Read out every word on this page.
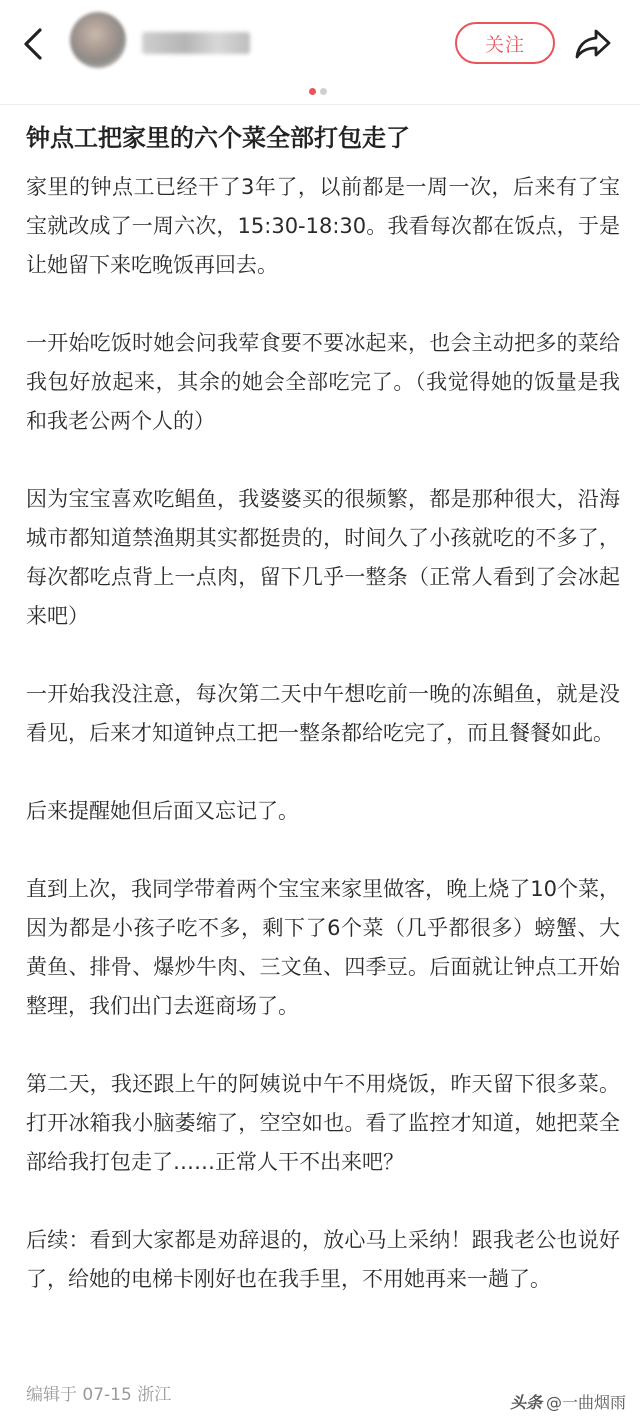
关注
钟点工把家里的六个菜全部打包走了

家里的钟点工已经干了3年了，以前都是一周一次，后来有了宝宝就改成了一周六次，15:30-18:30。我看每次都在饭点，于是让她留下来吃晚饭再回去。

一开始吃饭时她会问我荤食要不要冰起来，也会主动把多的菜给我包好放起来，其余的她会全部吃完了。（我觉得她的饭量是我和我老公两个人的）

因为宝宝喜欢吃鲳鱼，我婆婆买的很频繁，都是那种很大，沿海城市都知道禁渔期其实都挺贵的，时间久了小孩就吃的不多了，每次都吃点背上一点肉，留下几乎一整条（正常人看到了会冰起来吧）

一开始我没注意，每次第二天中午想吃前一晚的冻鲳鱼，就是没看见，后来才知道钟点工把一整条都给吃完了，而且餐餐如此。

后来提醒她但后面又忘记了。

直到上次，我同学带着两个宝宝来家里做客，晚上烧了10个菜，因为都是小孩子吃不多，剩下了6个菜（几乎都很多）螃蟹、大黄鱼、排骨、爆炒牛肉、三文鱼、四季豆。后面就让钟点工开始整理，我们出门去逛商场了。

第二天，我还跟上午的阿姨说中午不用烧饭，昨天留下很多菜。打开冰箱我小脑萎缩了，空空如也。看了监控才知道，她把菜全部给我打包走了……正常人干不出来吧？

后续：看到大家都是劝辞退的，放心马上采纳！跟我老公也说好了，给她的电梯卡刚好也在我手里，不用她再来一趟了。

编辑于 07-15 浙江	头条 @一曲烟雨
